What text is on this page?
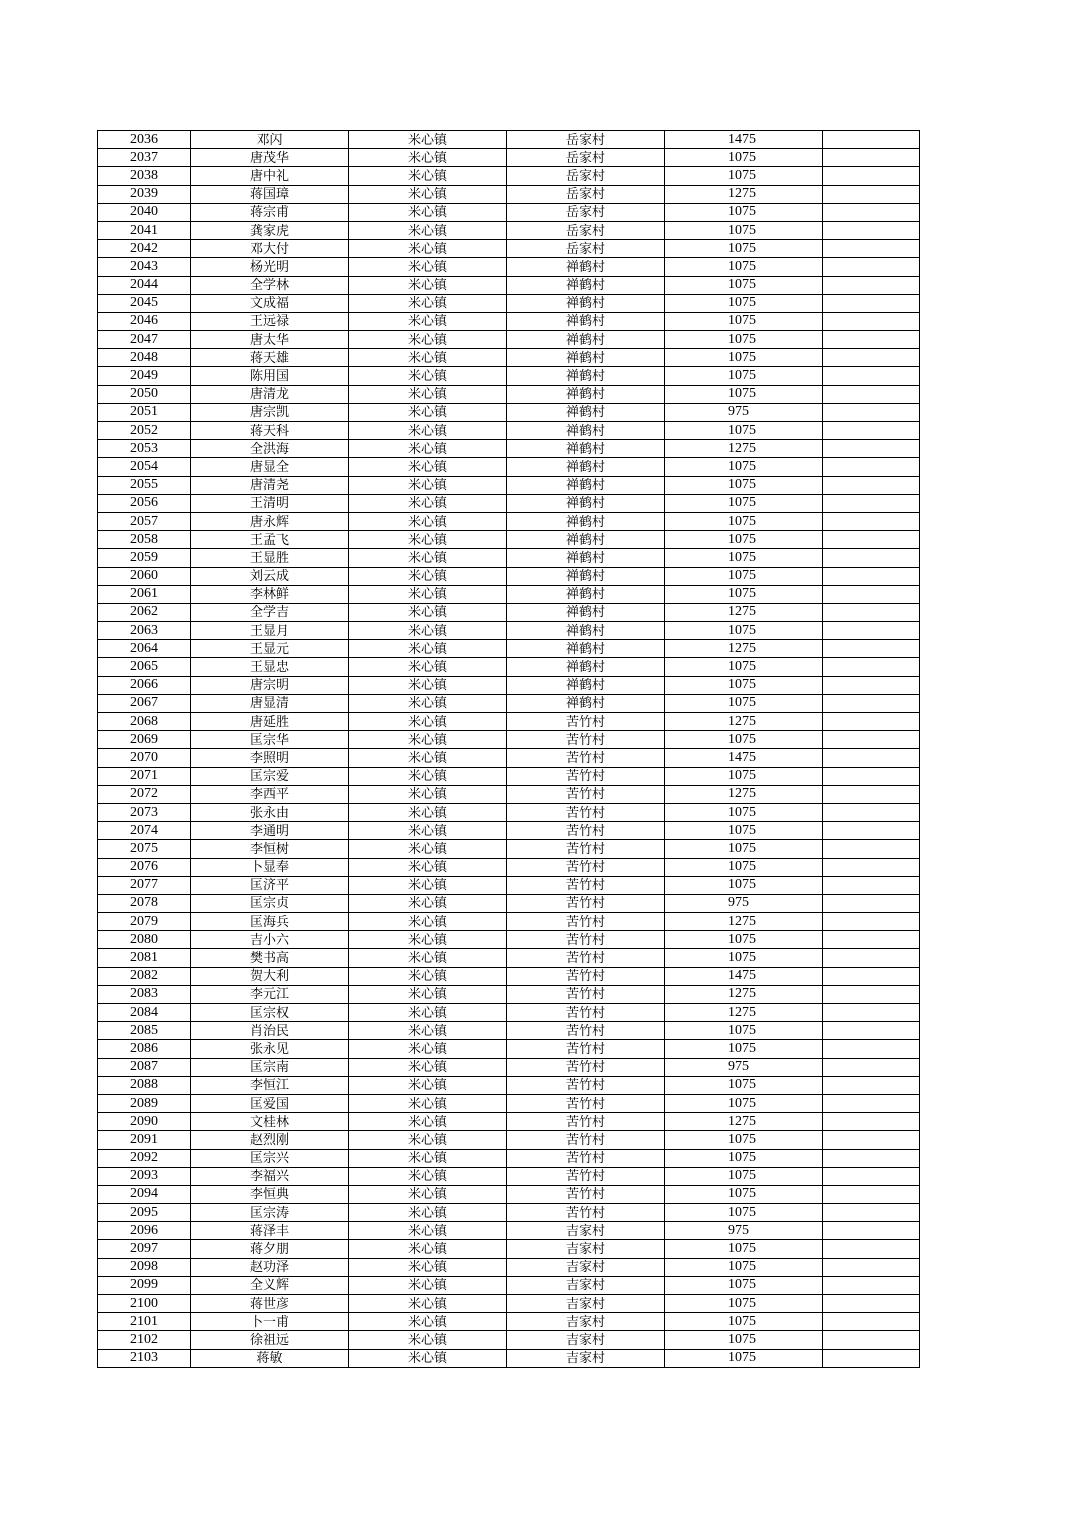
2036	邓闪	米心镇	岳家村	1475	
2037	唐茂华	米心镇	岳家村	1075	
2038	唐中礼	米心镇	岳家村	1075	
2039	蒋国璋	米心镇	岳家村	1275	
2040	蒋宗甫	米心镇	岳家村	1075	
2041	龚家虎	米心镇	岳家村	1075	
2042	邓大付	米心镇	岳家村	1075	
2043	杨光明	米心镇	禅鹤村	1075	
2044	全学林	米心镇	禅鹤村	1075	
2045	文成福	米心镇	禅鹤村	1075	
2046	王远禄	米心镇	禅鹤村	1075	
2047	唐太华	米心镇	禅鹤村	1075	
2048	蒋天雄	米心镇	禅鹤村	1075	
2049	陈用国	米心镇	禅鹤村	1075	
2050	唐清龙	米心镇	禅鹤村	1075	
2051	唐宗凯	米心镇	禅鹤村	975	
2052	蒋天科	米心镇	禅鹤村	1075	
2053	全洪海	米心镇	禅鹤村	1275	
2054	唐显全	米心镇	禅鹤村	1075	
2055	唐清尧	米心镇	禅鹤村	1075	
2056	王清明	米心镇	禅鹤村	1075	
2057	唐永辉	米心镇	禅鹤村	1075	
2058	王孟飞	米心镇	禅鹤村	1075	
2059	王显胜	米心镇	禅鹤村	1075	
2060	刘云成	米心镇	禅鹤村	1075	
2061	李林鲜	米心镇	禅鹤村	1075	
2062	全学吉	米心镇	禅鹤村	1275	
2063	王显月	米心镇	禅鹤村	1075	
2064	王显元	米心镇	禅鹤村	1275	
2065	王显忠	米心镇	禅鹤村	1075	
2066	唐宗明	米心镇	禅鹤村	1075	
2067	唐显清	米心镇	禅鹤村	1075	
2068	唐延胜	米心镇	苦竹村	1275	
2069	匡宗华	米心镇	苦竹村	1075	
2070	李照明	米心镇	苦竹村	1475	
2071	匡宗爱	米心镇	苦竹村	1075	
2072	李西平	米心镇	苦竹村	1275	
2073	张永由	米心镇	苦竹村	1075	
2074	李通明	米心镇	苦竹村	1075	
2075	李恒树	米心镇	苦竹村	1075	
2076	卜显奉	米心镇	苦竹村	1075	
2077	匡济平	米心镇	苦竹村	1075	
2078	匡宗贞	米心镇	苦竹村	975	
2079	匡海兵	米心镇	苦竹村	1275	
2080	吉小六	米心镇	苦竹村	1075	
2081	樊书高	米心镇	苦竹村	1075	
2082	贺大利	米心镇	苦竹村	1475	
2083	李元江	米心镇	苦竹村	1275	
2084	匡宗权	米心镇	苦竹村	1275	
2085	肖治民	米心镇	苦竹村	1075	
2086	张永见	米心镇	苦竹村	1075	
2087	匡宗南	米心镇	苦竹村	975	
2088	李恒江	米心镇	苦竹村	1075	
2089	匡爱国	米心镇	苦竹村	1075	
2090	文桂林	米心镇	苦竹村	1275	
2091	赵烈刚	米心镇	苦竹村	1075	
2092	匡宗兴	米心镇	苦竹村	1075	
2093	李福兴	米心镇	苦竹村	1075	
2094	李恒典	米心镇	苦竹村	1075	
2095	匡宗涛	米心镇	苦竹村	1075	
2096	蒋泽丰	米心镇	吉家村	975	
2097	蒋夕朋	米心镇	吉家村	1075	
2098	赵功泽	米心镇	吉家村	1075	
2099	全义辉	米心镇	吉家村	1075	
2100	蒋世彦	米心镇	吉家村	1075	
2101	卜一甫	米心镇	吉家村	1075	
2102	徐祖远	米心镇	吉家村	1075	
2103	蒋敏	米心镇	吉家村	1075	
